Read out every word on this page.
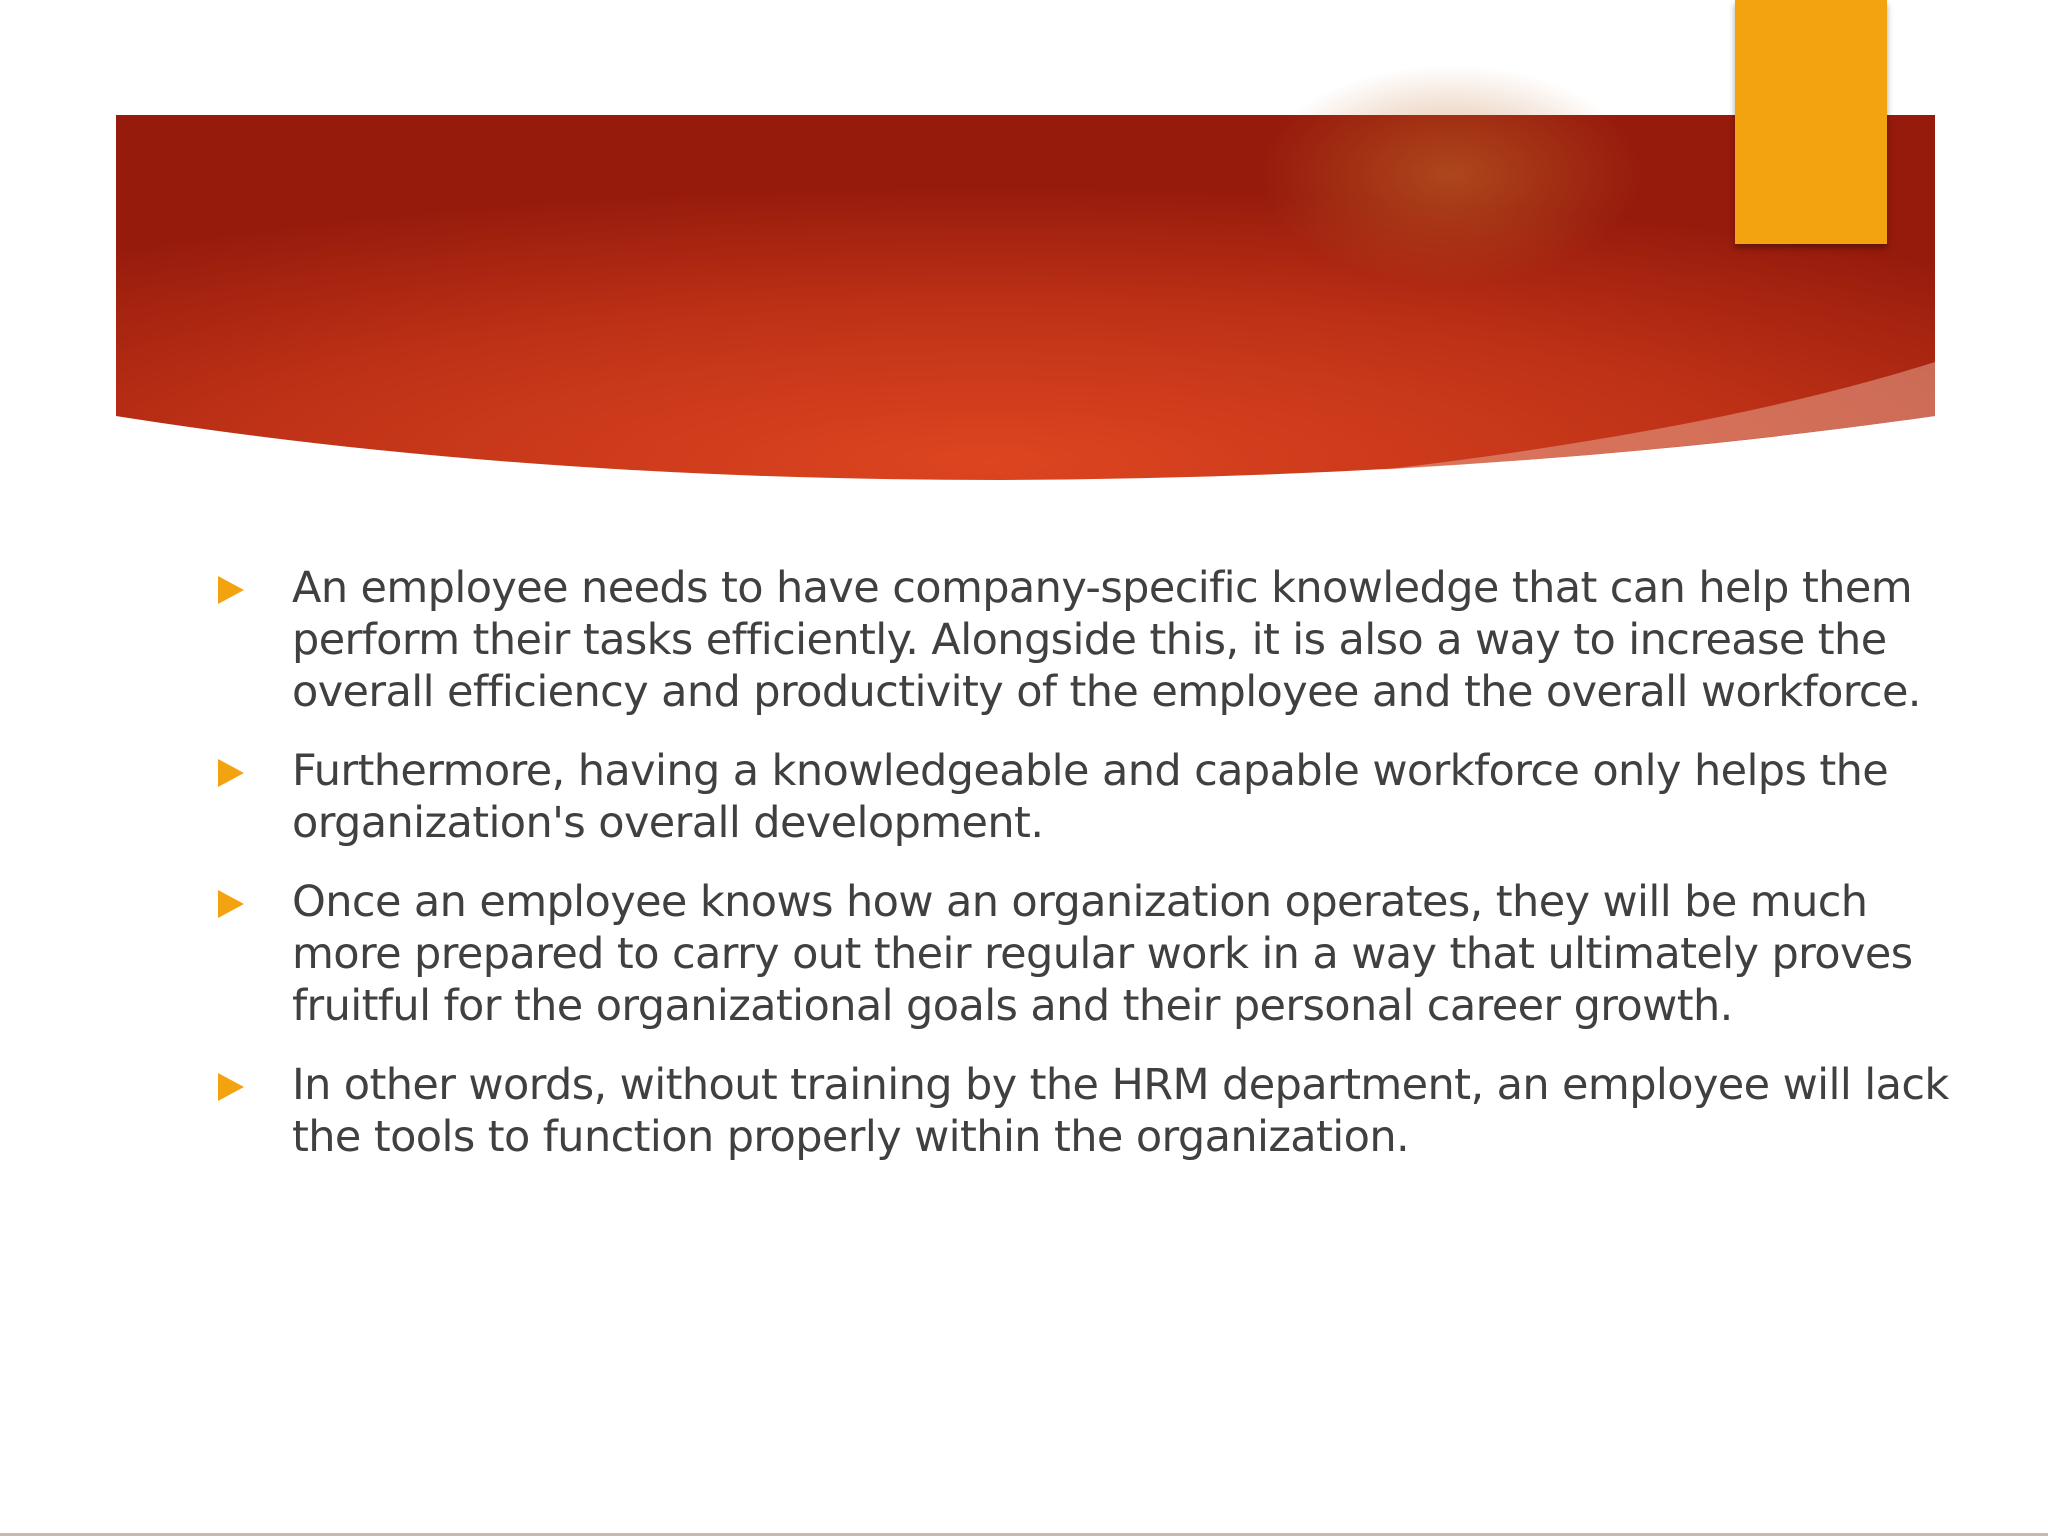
An employee needs to have company-specific knowledge that can help them perform their tasks efficiently. Alongside this, it is also a way to increase the overall efficiency and productivity of the employee and the overall workforce.
Furthermore, having a knowledgeable and capable workforce only helps the organization's overall development.
Once an employee knows how an organization operates, they will be much more prepared to carry out their regular work in a way that ultimately proves fruitful for the organizational goals and their personal career growth.
In other words, without training by the HRM department, an employee will lack the tools to function properly within the organization.
